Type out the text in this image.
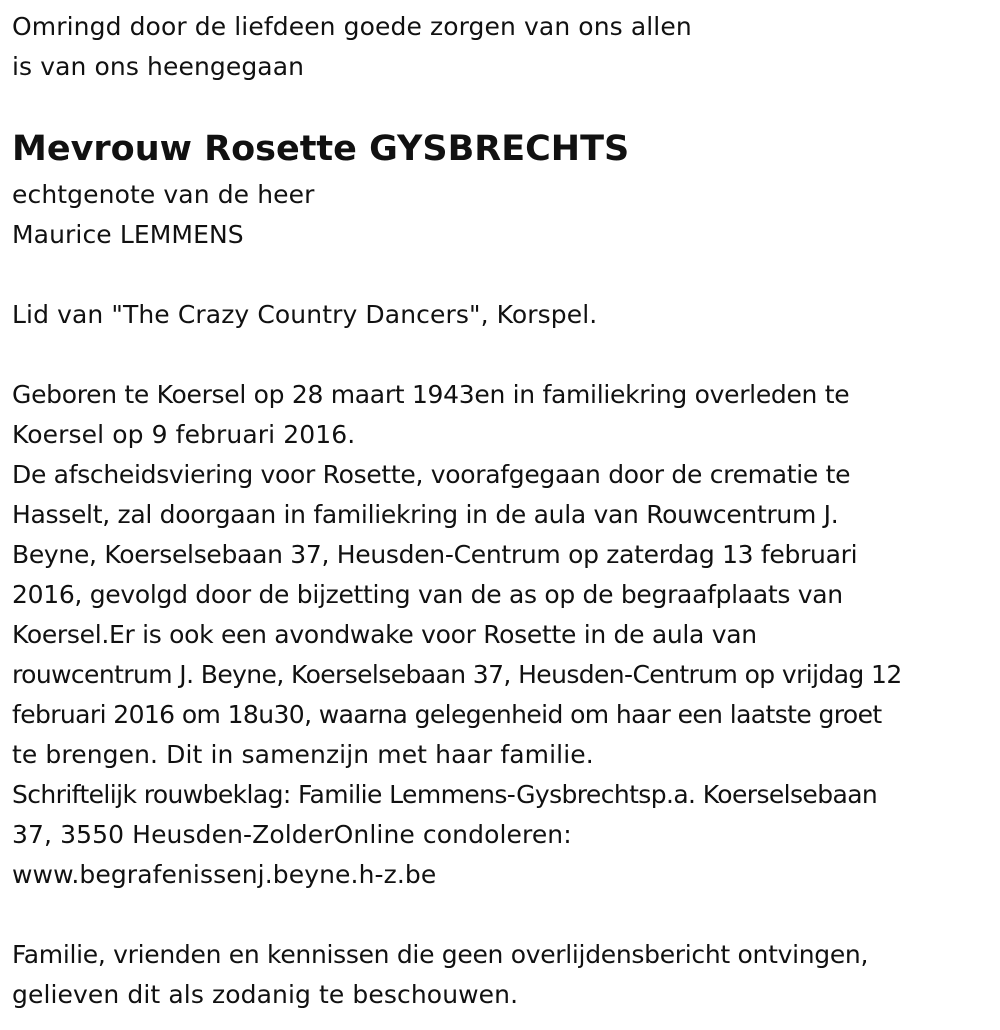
Omringd door de liefdeen goede zorgen van ons allen
is van ons heengegaan
Mevrouw Rosette GYSBRECHTS
echtgenote van de heer
Maurice LEMMENS
Lid van "The Crazy Country Dancers", Korspel.
Geboren te Koersel op 28 maart 1943en in familiekring overleden te
Koersel op 9 februari 2016.
De afscheidsviering voor Rosette, voorafgegaan door de crematie te
Hasselt, zal doorgaan in familiekring in de aula van Rouwcentrum J.
Beyne, Koerselsebaan 37, Heusden-Centrum op zaterdag 13 februari
2016, gevolgd door de bijzetting van de as op de begraafplaats van
Koersel.Er is ook een avondwake voor Rosette in de aula van
rouwcentrum J. Beyne, Koerselsebaan 37, Heusden-Centrum op vrijdag 12
februari 2016 om 18u30, waarna gelegenheid om haar een laatste groet
te brengen. Dit in samenzijn met haar familie.
Schriftelijk rouwbeklag: Familie Lemmens-Gysbrechtsp.a. Koerselsebaan
37, 3550 Heusden-ZolderOnline condoleren:
www.begrafenissenj.beyne.h-z.be
Familie, vrienden en kennissen die geen overlijdensbericht ontvingen,
gelieven dit als zodanig te beschouwen.
